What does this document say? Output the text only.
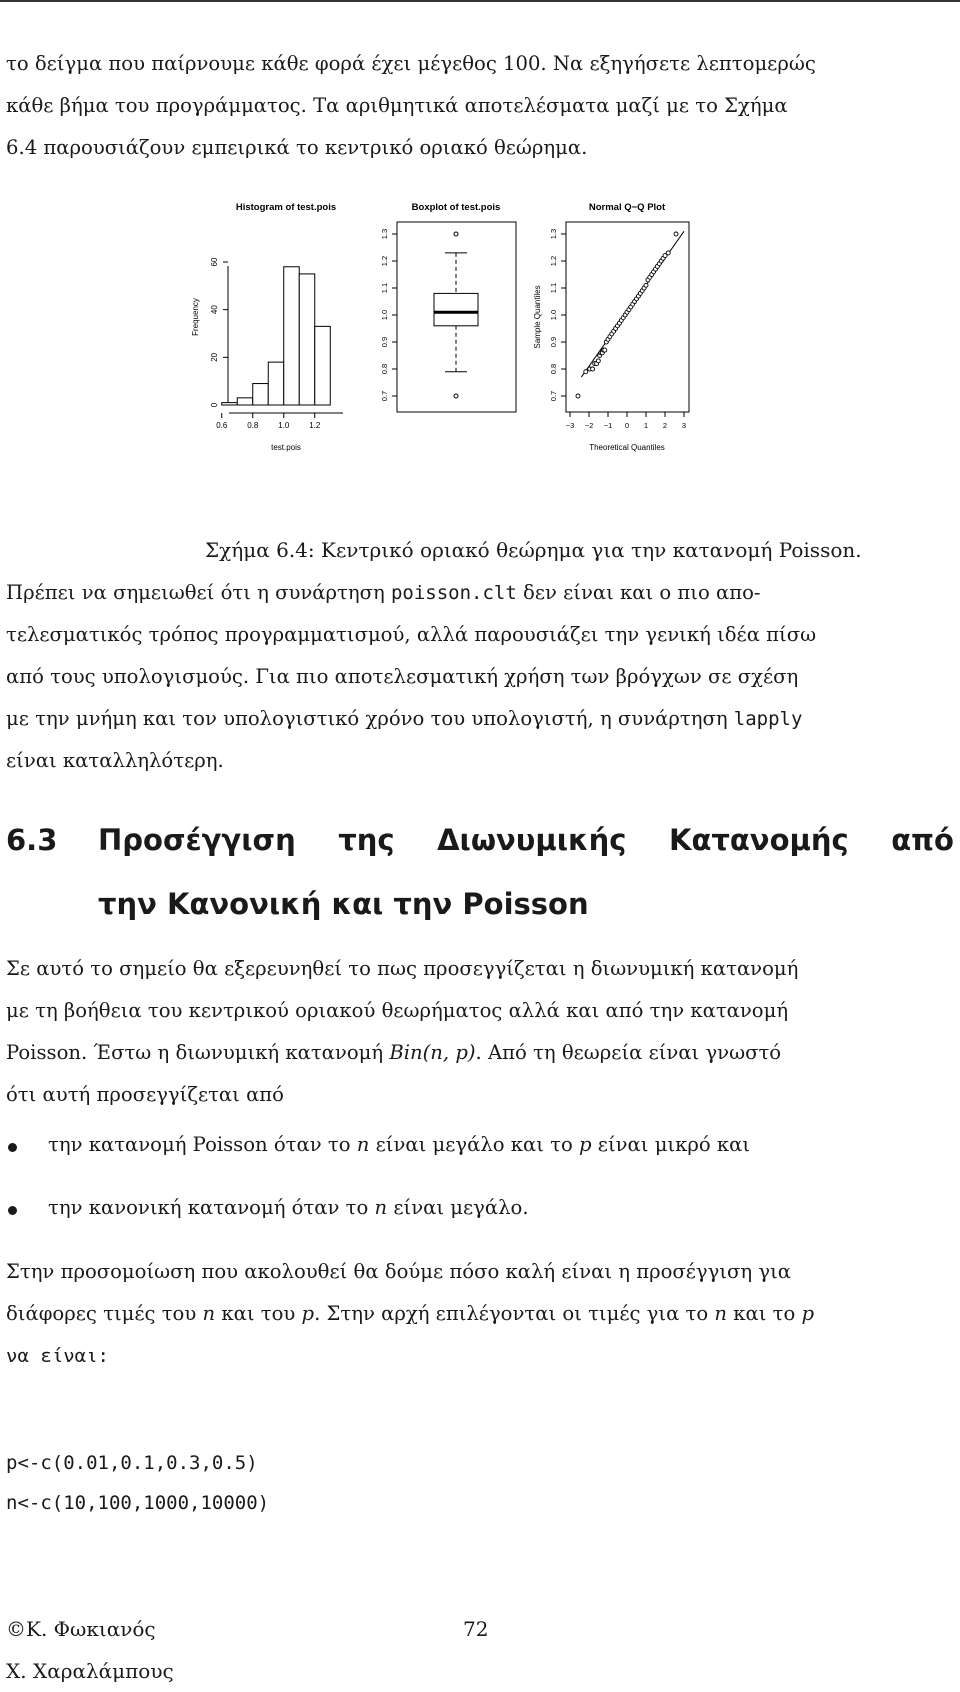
το δείγμα που παίρνουμε κάθε φορά έχει μέγεθος 100. Να εξηγήσετε λεπτομερώς
κάθε βήμα του προγράμματος. Τα αριθμητικά αποτελέσματα μαζί με το Σχήμα
6.4 παρουσιάζουν εμπειρικά το κεντρικό οριακό θεώρημα.

0.6 0.8 1.0 1.2
0
20
40
60
0.7
0.8
0.9
1.0
1.1
1.2
1.3
−3 −2 −1 0 1 2 3
0.7
0.8
0.9
1.0
1.1
1.2
1.3
Histogram of test.pois
test.pois
Frequency
Boxplot of test.pois	Normal Q−Q Plot
Theoretical Quantiles
Sample Quantiles

Σχήμα 6.4: Κεντρικό οριακό θεώρημα για την κατανομή Poisson.

Πρέπει να σημειωθεί ότι η συνάρτηση poisson.clt δεν είναι και ο πιο απο-
τελεσματικός τρόπος προγραμματισμού, αλλά παρουσιάζει την γενική ιδέα πίσω
από τους υπολογισμούς. Για πιο αποτελεσματική χρήση των βρόγχων σε σχέση
με την μνήμη και τον υπολογιστικό χρόνο του υπολογιστή, η συνάρτηση lapply
είναι καταλληλότερη.

6.3 Προσέγγιση της Διωνυμικής Κατανομής από
την Κανονική και την Poisson

Σε αυτό το σημείο θα εξερευνηθεί το πως προσεγγίζεται η διωνυμική κατανομή
με τη βοήθεια του κεντρικού οριακού θεωρήματος αλλά και από την κατανομή
Poisson. Έστω η διωνυμική κατανομή Bin(n, p). Από τη θεωρεία είναι γνωστό
ότι αυτή προσεγγίζεται από

την κατανομή Poisson όταν το n είναι μεγάλο και το p είναι μικρό και
την κανονική κατανομή όταν το n είναι μεγάλο.

Στην προσομοίωση που ακολουθεί θα δούμε πόσο καλή είναι η προσέγγιση για
διάφορες τιμές του n και του p. Στην αρχή επιλέγονται οι τιμές για το n και το p
να είναι:

p<-c(0.01,0.1,0.3,0.5)
n<-c(10,100,1000,10000)
©Κ. Φωκιανός
Χ. Χαραλάμπους
72
